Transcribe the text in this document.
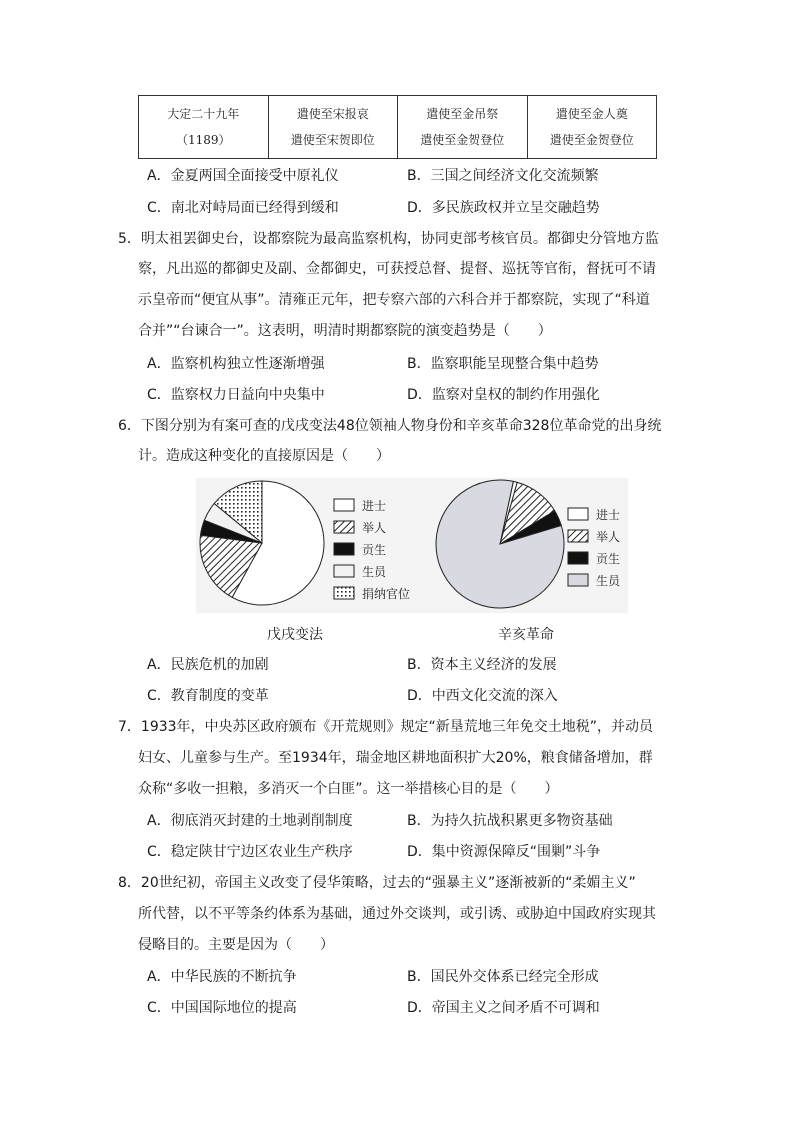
大定二十九年
（1189）

遣使至宋报哀
遣使至宋贺即位

遣使至金吊祭
遣使至金贺登位

遣使至金人奠
遣使至金贺登位
A．金夏两国全面接受中原礼仪	B．三国之间经济文化交流频繁
C．南北对峙局面已经得到缓和	D．多民族政权并立呈交融趋势
5．明太祖罢御史台，设都察院为最高监察机构，协同吏部考核官员。都御史分管地方监
察，凡出巡的都御史及副、佥都御史，可获授总督、提督、巡抚等官衔，督抚可不请
示皇帝而“便宜从事”。清雍正元年，把专察六部的六科合并于都察院，实现了“科道
合并”“台谏合一”。这表明，明清时期都察院的演变趋势是（　　）
A．监察机构独立性逐渐增强	B．监察职能呈现整合集中趋势
C．监察权力日益向中央集中	D．监察对皇权的制约作用强化
6．下图分别为有案可查的戊戌变法48位领袖人物身份和辛亥革命328位革命党的出身统
计。造成这种变化的直接原因是（　　）
进士
举人
贡生
生员
捐纳官位
进士
举人
贡生
生员
戊戌变法	辛亥革命
A．民族危机的加剧	B．资本主义经济的发展
C．教育制度的变革	D．中西文化交流的深入
7．1933年，中央苏区政府颁布《开荒规则》规定“新垦荒地三年免交土地税”，并动员
妇女、儿童参与生产。至1934年，瑞金地区耕地面积扩大20%，粮食储备增加，群
众称“多收一担粮，多消灭一个白匪”。这一举措核心目的是（　　）
A．彻底消灭封建的土地剥削制度	B．为持久抗战积累更多物资基础
C．稳定陕甘宁边区农业生产秩序	D．集中资源保障反“围剿”斗争
8．20世纪初，帝国主义改变了侵华策略，过去的“强暴主义”逐渐被新的“柔媚主义”
所代替，以不平等条约体系为基础，通过外交谈判，或引诱、或胁迫中国政府实现其
侵略目的。主要是因为（　　）
A．中华民族的不断抗争	B．国民外交体系已经完全形成
C．中国国际地位的提高	D．帝国主义之间矛盾不可调和
